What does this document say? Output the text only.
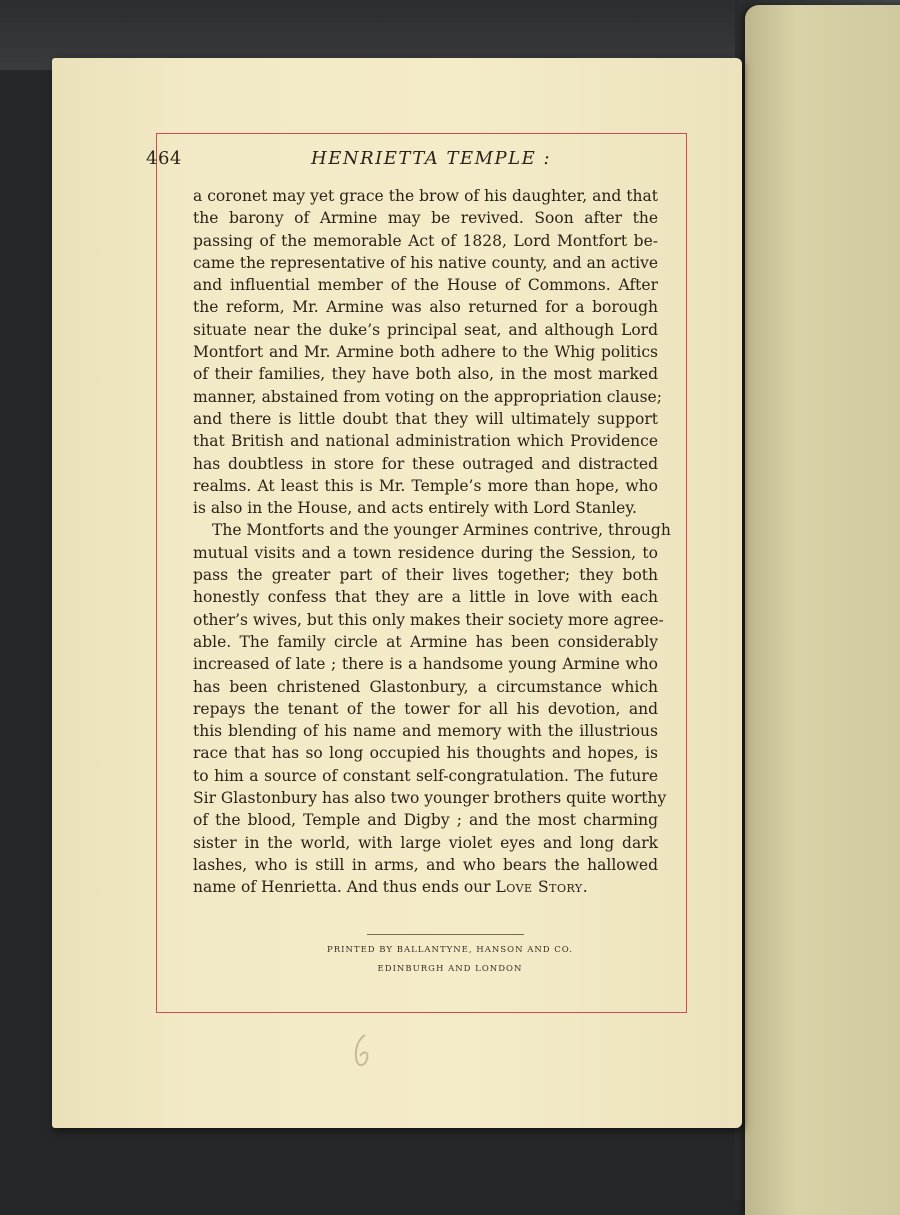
464	HENRIETTA TEMPLE :
a coronet may yet grace the brow of his daughter, and that
the barony of Armine may be revived. Soon after the
passing of the memorable Act of 1828, Lord Montfort be-
came the representative of his native county, and an active
and influential member of the House of Commons. After
the reform, Mr. Armine was also returned for a borough
situate near the duke’s principal seat, and although Lord
Montfort and Mr. Armine both adhere to the Whig politics
of their families, they have both also, in the most marked
manner, abstained from voting on the appropriation clause;
and there is little doubt that they will ultimately support
that British and national administration which Providence
has doubtless in store for these outraged and distracted
realms. At least this is Mr. Temple’s more than hope, who
is also in the House, and acts entirely with Lord Stanley.
The Montforts and the younger Armines contrive, through
mutual visits and a town residence during the Session, to
pass the greater part of their lives together; they both
honestly confess that they are a little in love with each
other’s wives, but this only makes their society more agree-
able. The family circle at Armine has been considerably
increased of late ; there is a handsome young Armine who
has been christened Glastonbury, a circumstance which
repays the tenant of the tower for all his devotion, and
this blending of his name and memory with the illustrious
race that has so long occupied his thoughts and hopes, is
to him a source of constant self-congratulation. The future
Sir Glastonbury has also two younger brothers quite worthy
of the blood, Temple and Digby ; and the most charming
sister in the world, with large violet eyes and long dark
lashes, who is still in arms, and who bears the hallowed
name of Henrietta. And thus ends our Love Story.
PRINTED BY BALLANTYNE, HANSON AND CO.
EDINBURGH AND LONDON
